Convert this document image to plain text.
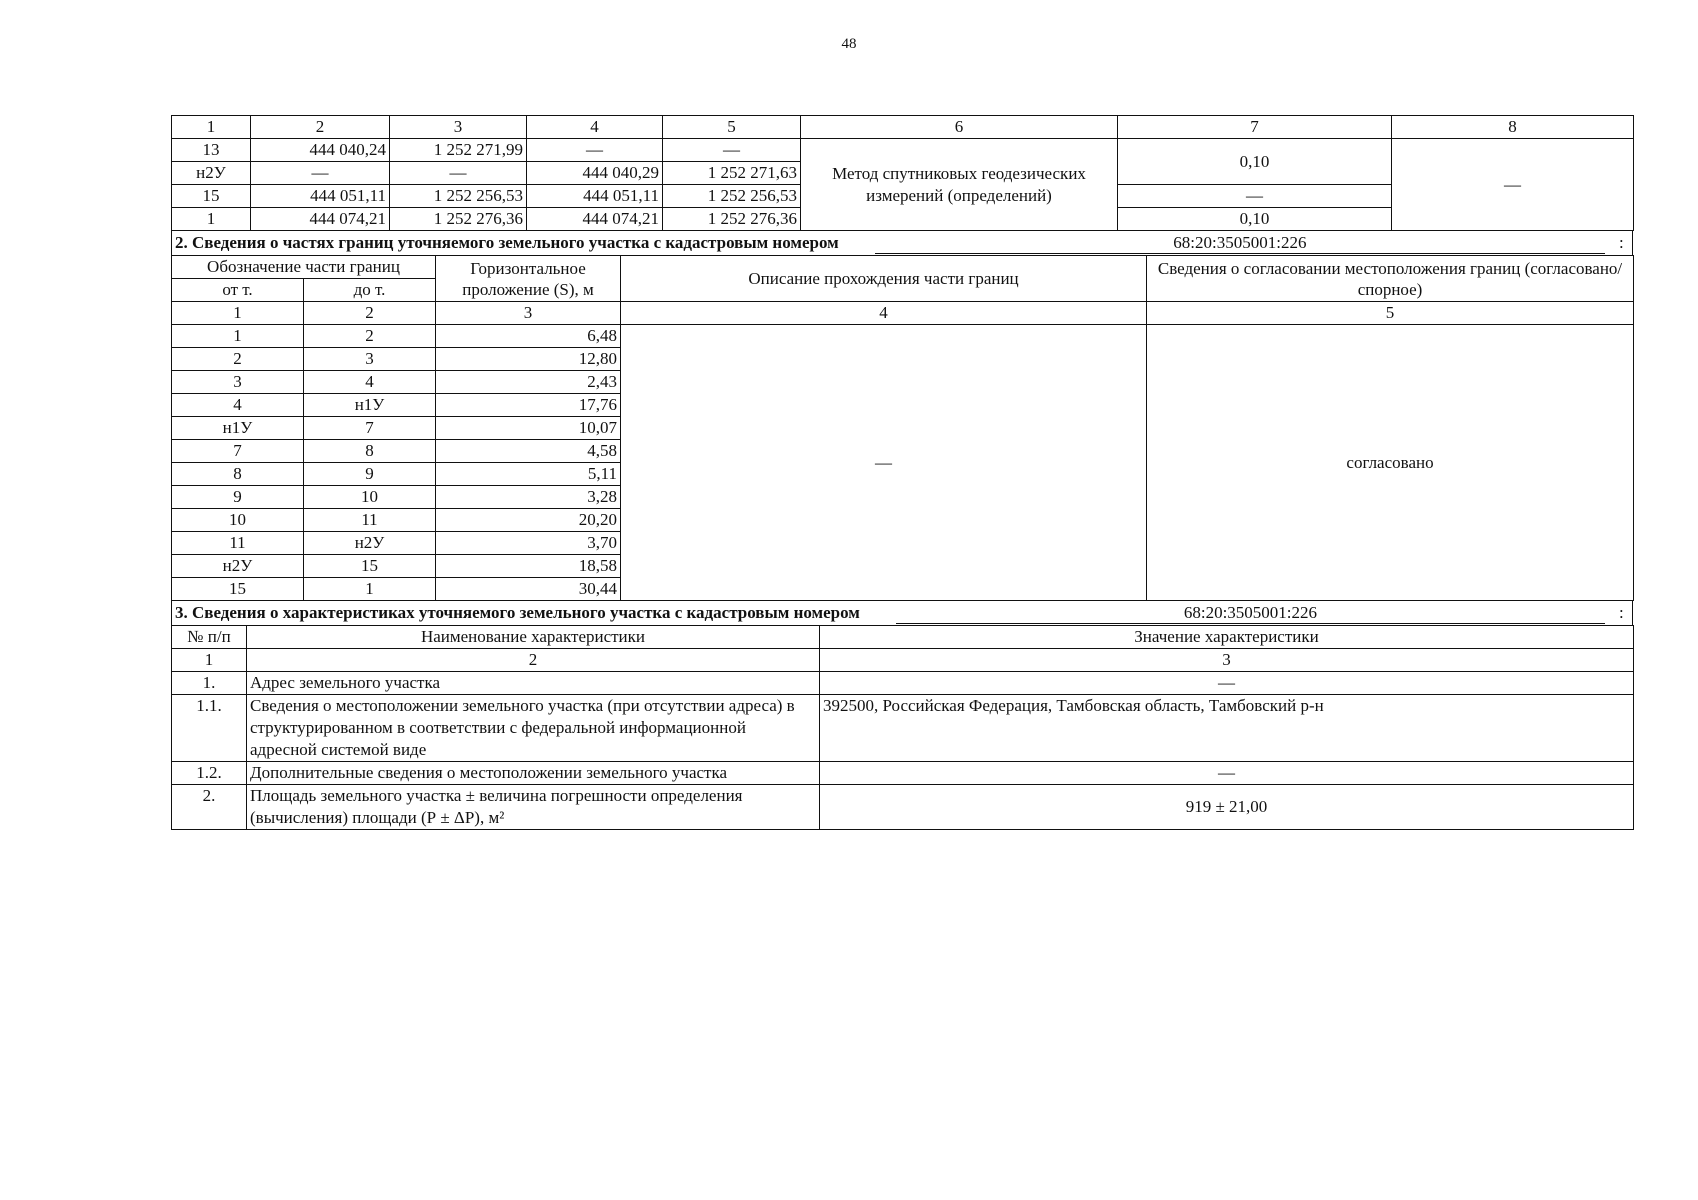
48
1	2	3	4	5	6	7	8
13	444 040,24	1 252 271,99	—	—	Метод спутниковых геодезических измерений (определений)	0,10	—
н2У	—	—	444 040,29	1 252 271,63			
15	444 051,11	1 252 256,53	444 051,11	1 252 256,53		—	
1	444 074,21	1 252 276,36	444 074,21	1 252 276,36		0,10	
2. Сведения о частях границ уточняемого земельного участка с кадастровым номером	68:20:3505001:226	:
Обозначение части границ		Горизонтальное проложение (S), м	Описание прохождения части границ	Сведения о согласовании местоположения границ (согласовано/спорное)
от т.	до т.			
1	2	3	4	5
1	2	6,48	—	согласовано
2	3	12,80		
3	4	2,43		
4	н1У	17,76		
н1У	7	10,07		
7	8	4,58		
8	9	5,11		
9	10	3,28		
10	11	20,20		
11	н2У	3,70		
н2У	15	18,58		
15	1	30,44		
3. Сведения о характеристиках уточняемого земельного участка с кадастровым номером	68:20:3505001:226	:
№ п/п	Наименование характеристики	Значение характеристики
1	2	3
1.	Адрес земельного участка	—
1.1.	Сведения о местоположении земельного участка (при отсутствии адреса) в структурированном в соответствии с федеральной информационной адресной системой виде	392500, Российская Федерация, Тамбовская область, Тамбовский р-н
1.2.	Дополнительные сведения о местоположении земельного участка	—
2.	Площадь земельного участка ± величина погрешности определения (вычисления) площади (Р ± ΔР), м²	919 ± 21,00
